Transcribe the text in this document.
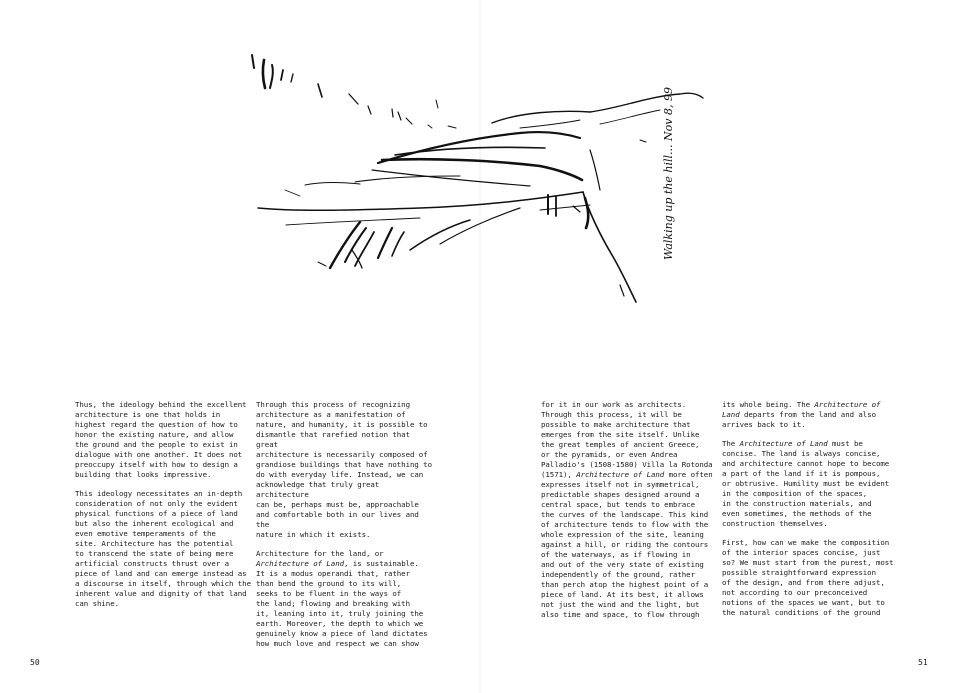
Walking up the hill... Nov 8, 99

Thus, the ideology behind the excellent
architecture is one that holds in
highest regard the question of how to
honor the existing nature, and allow
the ground and the people to exist in
dialogue with one another. It does not
preoccupy itself with how to design a
building that looks impressive.

This ideology necessitates an in-depth
consideration of not only the evident
physical functions of a piece of land
but also the inherent ecological and
even emotive temperaments of the
site. Architecture has the potential
to transcend the state of being mere
artificial constructs thrust over a
piece of land and can emerge instead as
a discourse in itself, through which the
inherent value and dignity of that land
can shine.

Through this process of recognizing
architecture as a manifestation of
nature, and humanity, it is possible to
dismantle that rarefied notion that great
architecture is necessarily composed of
grandiose buildings that have nothing to
do with everyday life. Instead, we can
acknowledge that truly great architecture
can be, perhaps must be, approachable
and comfortable both in our lives and the
nature in which it exists.

Architecture for the land, or
Architecture of Land, is sustainable.
It is a modus operandi that, rather
than bend the ground to its will,
seeks to be fluent in the ways of
the land; flowing and breaking with
it, leaning into it, truly joining the
earth. Moreover, the depth to which we
genuinely know a piece of land dictates
how much love and respect we can show

for it in our work as architects.
Through this process, it will be
possible to make architecture that
emerges from the site itself. Unlike
the great temples of ancient Greece,
or the pyramids, or even Andrea
Palladio's (1508-1580) Villa la Rotonda
(1571), Architecture of Land more often
expresses itself not in symmetrical,
predictable shapes designed around a
central space, but tends to embrace
the curves of the landscape. This kind
of architecture tends to flow with the
whole expression of the site, leaning
against a hill, or riding the contours
of the waterways, as if flowing in
and out of the very state of existing
independently of the ground, rather
than perch atop the highest point of a
piece of land. At its best, it allows
not just the wind and the light, but
also time and space, to flow through

its whole being. The Architecture of
Land departs from the land and also
arrives back to it.

The Architecture of Land must be
concise. The land is always concise,
and architecture cannot hope to become
a part of the land if it is pompous,
or obtrusive. Humility must be evident
in the composition of the spaces,
in the construction materials, and
even sometimes, the methods of the
construction themselves.

First, how can we make the composition
of the interior spaces concise, just
so? We must start from the purest, most
possible straightforward expression
of the design, and from there adjust,
not according to our preconceived
notions of the spaces we want, but to
the natural conditions of the ground

50	51
